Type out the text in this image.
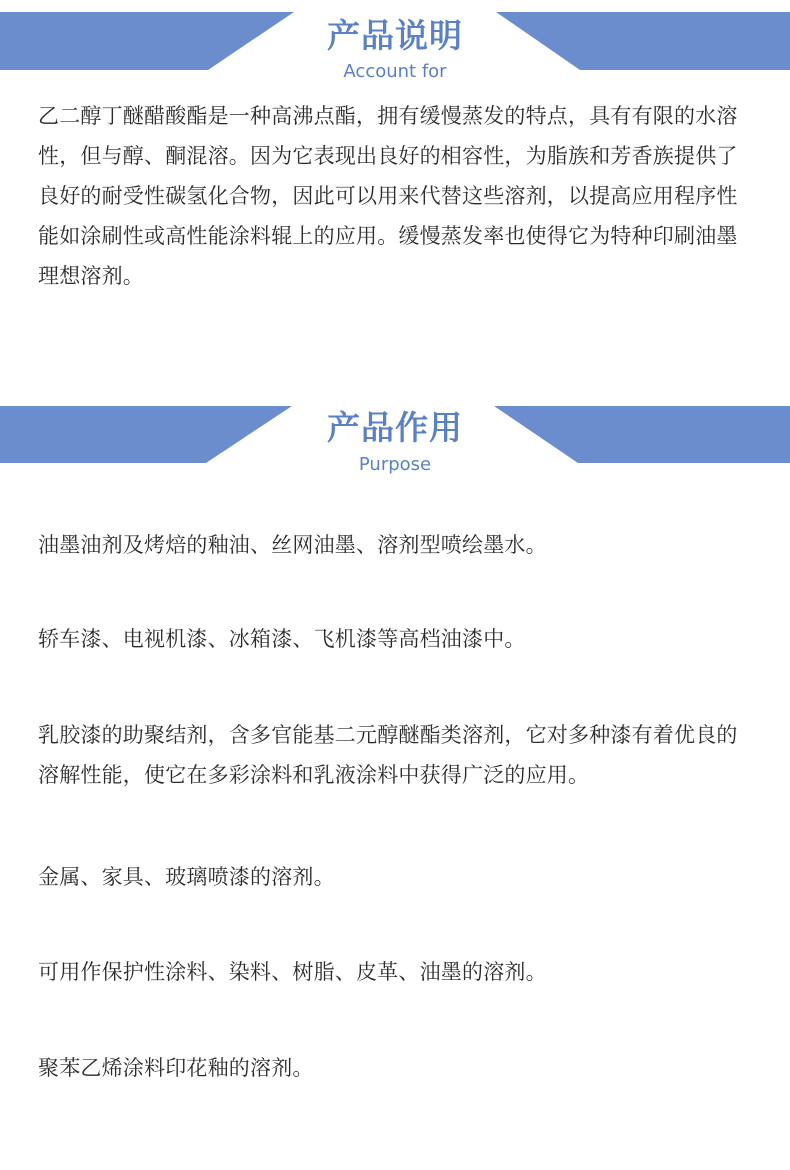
产品说明
Account for

乙二醇丁醚醋酸酯是一种高沸点酯，拥有缓慢蒸发的特点，具有有限的水溶性，但与醇、酮混溶。因为它表现出良好的相容性，为脂族和芳香族提供了良好的耐受性碳氢化合物，因此可以用来代替这些溶剂，以提高应用程序性能如涂刷性或高性能涂料辊上的应用。缓慢蒸发率也使得它为特种印刷油墨理想溶剂。

产品作用
Purpose

油墨油剂及烤焙的釉油、丝网油墨、溶剂型喷绘墨水。

轿车漆、电视机漆、冰箱漆、飞机漆等高档油漆中。

乳胶漆的助聚结剂，含多官能基二元醇醚酯类溶剂，它对多种漆有着优良的溶解性能，使它在多彩涂料和乳液涂料中获得广泛的应用。

金属、家具、玻璃喷漆的溶剂。

可用作保护性涂料、染料、树脂、皮革、油墨的溶剂。

聚苯乙烯涂料印花釉的溶剂。
